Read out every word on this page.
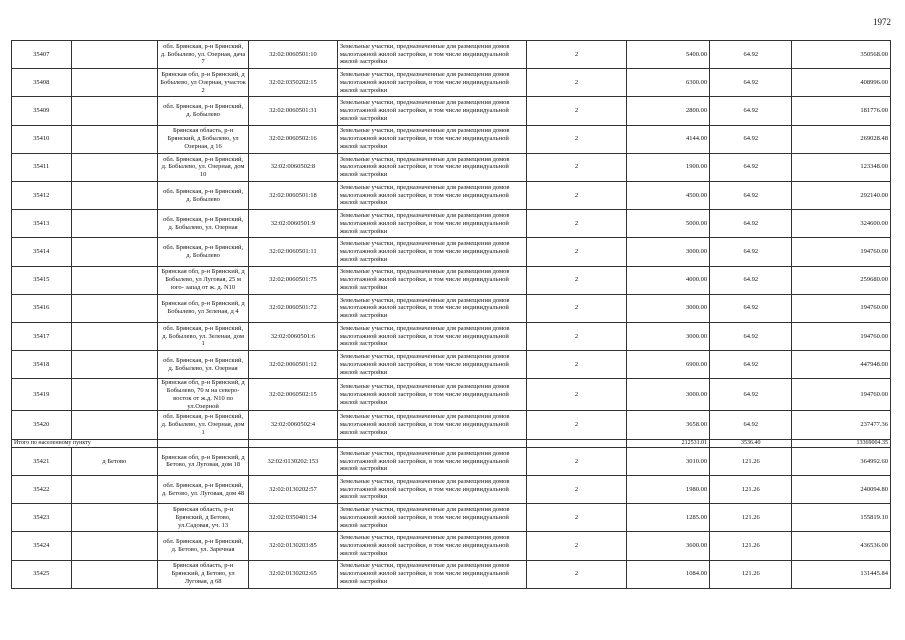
1972
35407		обл. Брянская, р-н Брянский, д. Бобылево, ул. Озерная, дача 7	32:02:0060501:10	Земельные участки, предназначенные для размещения домов малоэтажной жилой застройки, в том числе индивидуальной жилой застройки	2	5400.00	64.92	350568.00
35408		Брянская обл, р-н Брянский, д Бобылево, ул Озерная, участок 2	32:02:0350202:15	Земельные участки, предназначенные для размещения домов малоэтажной жилой застройки, в том числе индивидуальной жилой застройки	2	6300.00	64.92	408996.00
35409		обл. Брянская, р-н Брянский, д. Бобылево	32:02:0060501:31	Земельные участки, предназначенные для размещения домов малоэтажной жилой застройки, в том числе индивидуальной жилой застройки	2	2800.00	64.92	181776.00
35410		Брянская область, р-н Брянский, д Бобылево, ул Озерная, д 16	32:02:0060502:16	Земельные участки, предназначенные для размещения домов малоэтажной жилой застройки, в том числе индивидуальной жилой застройки	2	4144.00	64.92	269028.48
35411		обл. Брянская, р-н Брянский, д. Бобылево, ул. Озерная, дом 10	32:02:0060502:8	Земельные участки, предназначенные для размещения домов малоэтажной жилой застройки, в том числе индивидуальной жилой застройки	2	1900.00	64.92	123348.00
35412		обл. Брянская, р-н Брянский, д. Бобылево	32:02:0060501:18	Земельные участки, предназначенные для размещения домов малоэтажной жилой застройки, в том числе индивидуальной жилой застройки	2	4500.00	64.92	292140.00
35413		обл. Брянская, р-н Брянский, д. Бобылево, ул. Озерная	32:02:0060501:9	Земельные участки, предназначенные для размещения домов малоэтажной жилой застройки, в том числе индивидуальной жилой застройки	2	5000.00	64.92	324600.00
35414		обл. Брянская, р-н Брянский, д. Бобылево	32:02:0060501:11	Земельные участки, предназначенные для размещения домов малоэтажной жилой застройки, в том числе индивидуальной жилой застройки	2	3000.00	64.92	194760.00
35415		Брянская обл, р-н Брянский, д Бобылево, ул Луговая, 25 м юго- запад от ж. д. N10	32:02:0060501:75	Земельные участки, предназначенные для размещения домов малоэтажной жилой застройки, в том числе индивидуальной жилой застройки	2	4000.00	64.92	259680.00
35416		Брянская обл, р-н Брянский, д Бобылево, ул Зеленая, д 4	32:02:0060501:72	Земельные участки, предназначенные для размещения домов малоэтажной жилой застройки, в том числе индивидуальной жилой застройки	2	3000.00	64.92	194760.00
35417		обл. Брянская, р-н Брянский, д. Бобылево, ул. Зеленая, дом 1	32:02:0060501:6	Земельные участки, предназначенные для размещения домов малоэтажной жилой застройки, в том числе индивидуальной жилой застройки	2	3000.00	64.92	194760.00
35418		обл. Брянская, р-н Брянский, д. Бобылево, ул. Озерная	32:02:0060501:12	Земельные участки, предназначенные для размещения домов малоэтажной жилой застройки, в том числе индивидуальной жилой застройки	2	6900.00	64.92	447948.00
35419		Брянская обл, р-н Брянский, д Бобылево, 70 м на северо-восток от ж.д. N10 по ул.Озерной	32:02:0060502:15	Земельные участки, предназначенные для размещения домов малоэтажной жилой застройки, в том числе индивидуальной жилой застройки	2	3000.00	64.92	194760.00
35420		обл. Брянская, р-н Брянский, д. Бобылево, ул. Озерная, дом 1	32:02:0060502:4	Земельные участки, предназначенные для размещения домов малоэтажной жилой застройки, в том числе индивидуальной жилой застройки	2	3658.00	64.92	237477.36
Итого по населенному пункту						212531.01	3536.40	13369004.35
35421	д Бетово	Брянская обл, р-н Брянский, д Бетово, ул Луговая, дом 18	32:02:0130202:153	Земельные участки, предназначенные для размещения домов малоэтажной жилой застройки, в том числе индивидуальной жилой застройки	2	3010.00	121.26	364992.60
35422		обл. Брянская, р-н Брянский, д. Бетово, ул. Луговая, дом 48	32:02:0130202:57	Земельные участки, предназначенные для размещения домов малоэтажной жилой застройки, в том числе индивидуальной жилой застройки	2	1980.00	121.26	240094.80
35423		Брянская область, р-н Брянский, д Бетово, ул.Садовая, уч. 13	32:02:0350401:34	Земельные участки, предназначенные для размещения домов малоэтажной жилой застройки, в том числе индивидуальной жилой застройки	2	1285.00	121.26	155819.10
35424		обл. Брянская, р-н Брянский, д. Бетово, ул. Заречная	32:02:0130203:85	Земельные участки, предназначенные для размещения домов малоэтажной жилой застройки, в том числе индивидуальной жилой застройки	2	3600.00	121.26	436536.00
35425		Брянская область, р-н Брянский, д Бетово, ул Луговая, д 68	32:02:0130202:65	Земельные участки, предназначенные для размещения домов малоэтажной жилой застройки, в том числе индивидуальной жилой застройки	2	1084.00	121.26	131445.84
